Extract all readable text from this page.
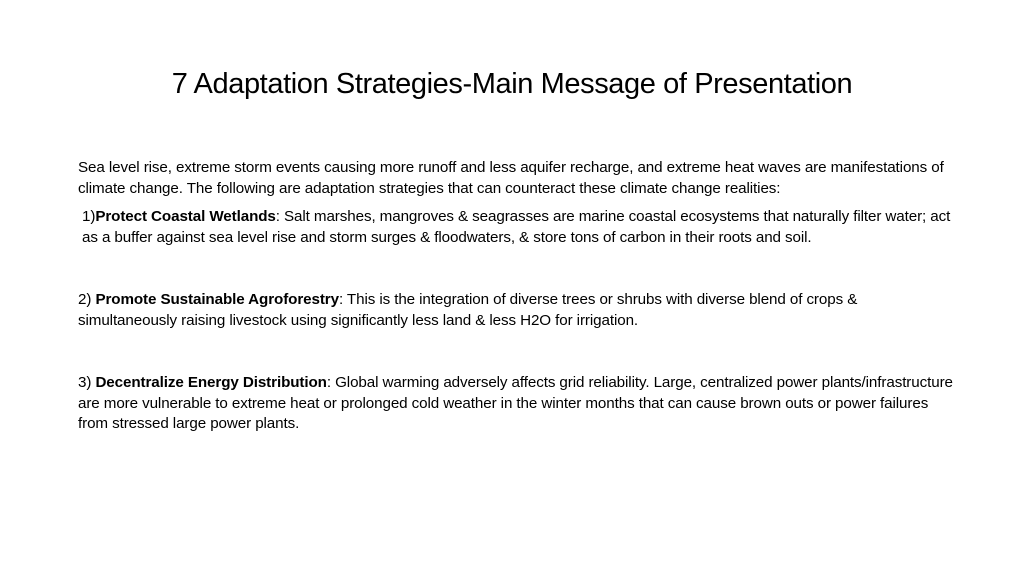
7 Adaptation Strategies-Main Message of Presentation

Sea level rise, extreme storm events causing more runoff and less aquifer recharge, and extreme heat waves are manifestations of climate change. The following are adaptation strategies that can counteract these climate change realities:

1)Protect Coastal Wetlands: Salt marshes, mangroves & seagrasses are marine coastal ecosystems that naturally filter water; act as a buffer against sea level rise and storm surges & floodwaters, & store tons of carbon in their roots and soil.

2) Promote Sustainable Agroforestry: This is the integration of diverse trees or shrubs with diverse blend of crops & simultaneously raising livestock using significantly less land & less H2O for irrigation.

3) Decentralize Energy Distribution: Global warming adversely affects grid reliability. Large, centralized power plants/infrastructure are more vulnerable to extreme heat or prolonged cold weather in the winter months that can cause brown outs or power failures from stressed large power plants.
